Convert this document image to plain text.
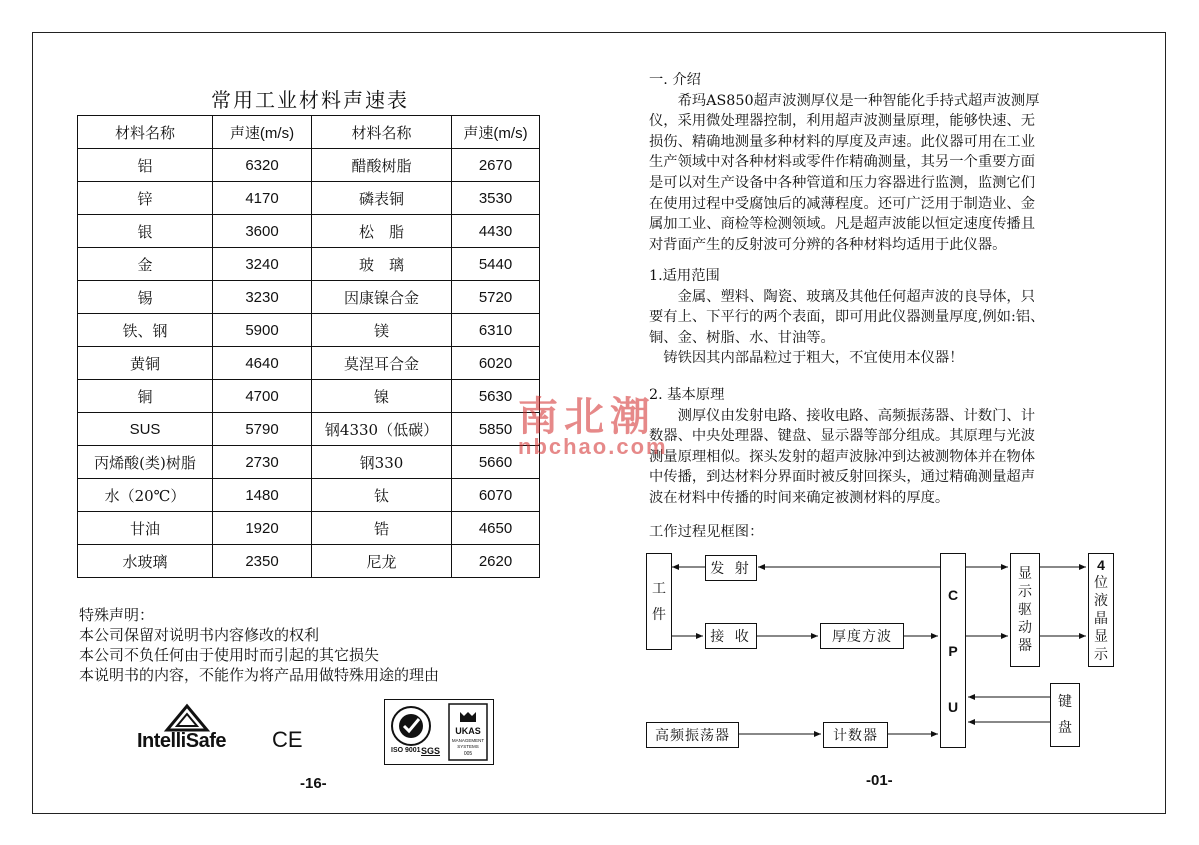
常用工业材料声速表
材料名称	声速(m/s)	材料名称	声速(m/s)
铝	6320	醋酸树脂	2670
锌	4170	磷表铜	3530
银	3600	松　脂	4430
金	3240	玻　璃	5440
锡	3230	因康镍合金	5720
铁、钢	5900	镁	6310
黄铜	4640	莫涅耳合金	6020
铜	4700	镍	5630
SUS	5790	钢4330（低碳）	5850
丙烯酸(类)树脂	2730	钢330	5660
水（20℃）	1480	钛	6070
甘油	1920	锆	4650
水玻璃	2350	尼龙	2620
特殊声明：
本公司保留对说明书内容修改的权利
本公司不负任何由于使用时而引起的其它损失
本说明书的内容，不能作为将产品用做特殊用途的理由
IntelliSafe CE	ISO 9001 SGS
UKAS
MANAGEMENT
SYSTEMS
005
-16-

一. 介绍

希玛AS850超声波测厚仪是一种智能化手持式超声波测厚

仪，采用微处理器控制，利用超声波测量原理，能够快速、无

损伤、精确地测量多种材料的厚度及声速。此仪器可用在工业

生产领域中对各种材料或零件作精确测量，其另一个重要方面

是可以对生产设备中各种管道和压力容器进行监测，监测它们

在使用过程中受腐蚀后的减薄程度。还可广泛用于制造业、金

属加工业、商检等检测领域。凡是超声波能以恒定速度传播且

对背面产生的反射波可分辨的各种材料均适用于此仪器。

1.适用范围

金属、塑料、陶瓷、玻璃及其他任何超声波的良导体，只

要有上、下平行的两个表面，即可用此仪器测量厚度,例如:铝、

铜、金、树脂、水、甘油等。

铸铁因其内部晶粒过于粗大，不宜使用本仪器！

2. 基本原理

测厚仪由发射电路、接收电路、高频振荡器、计数门、计

数器、中央处理器、键盘、显示器等部分组成。其原理与光波

测量原理相似。探头发射的超声波脉冲到达被测物体并在物体

中传播，到达材料分界面时被反射回探头，通过精确测量超声

波在材料中传播的时间来确定被测材料的厚度。

南北潮
nbchao.com
工作过程见框图：
工
件
发 射
接 收	厚度方波
C
P
U
显
示
驱
动
器
4
位
液
晶
显
示
键
盘
高频振荡器	计数器
-01-
